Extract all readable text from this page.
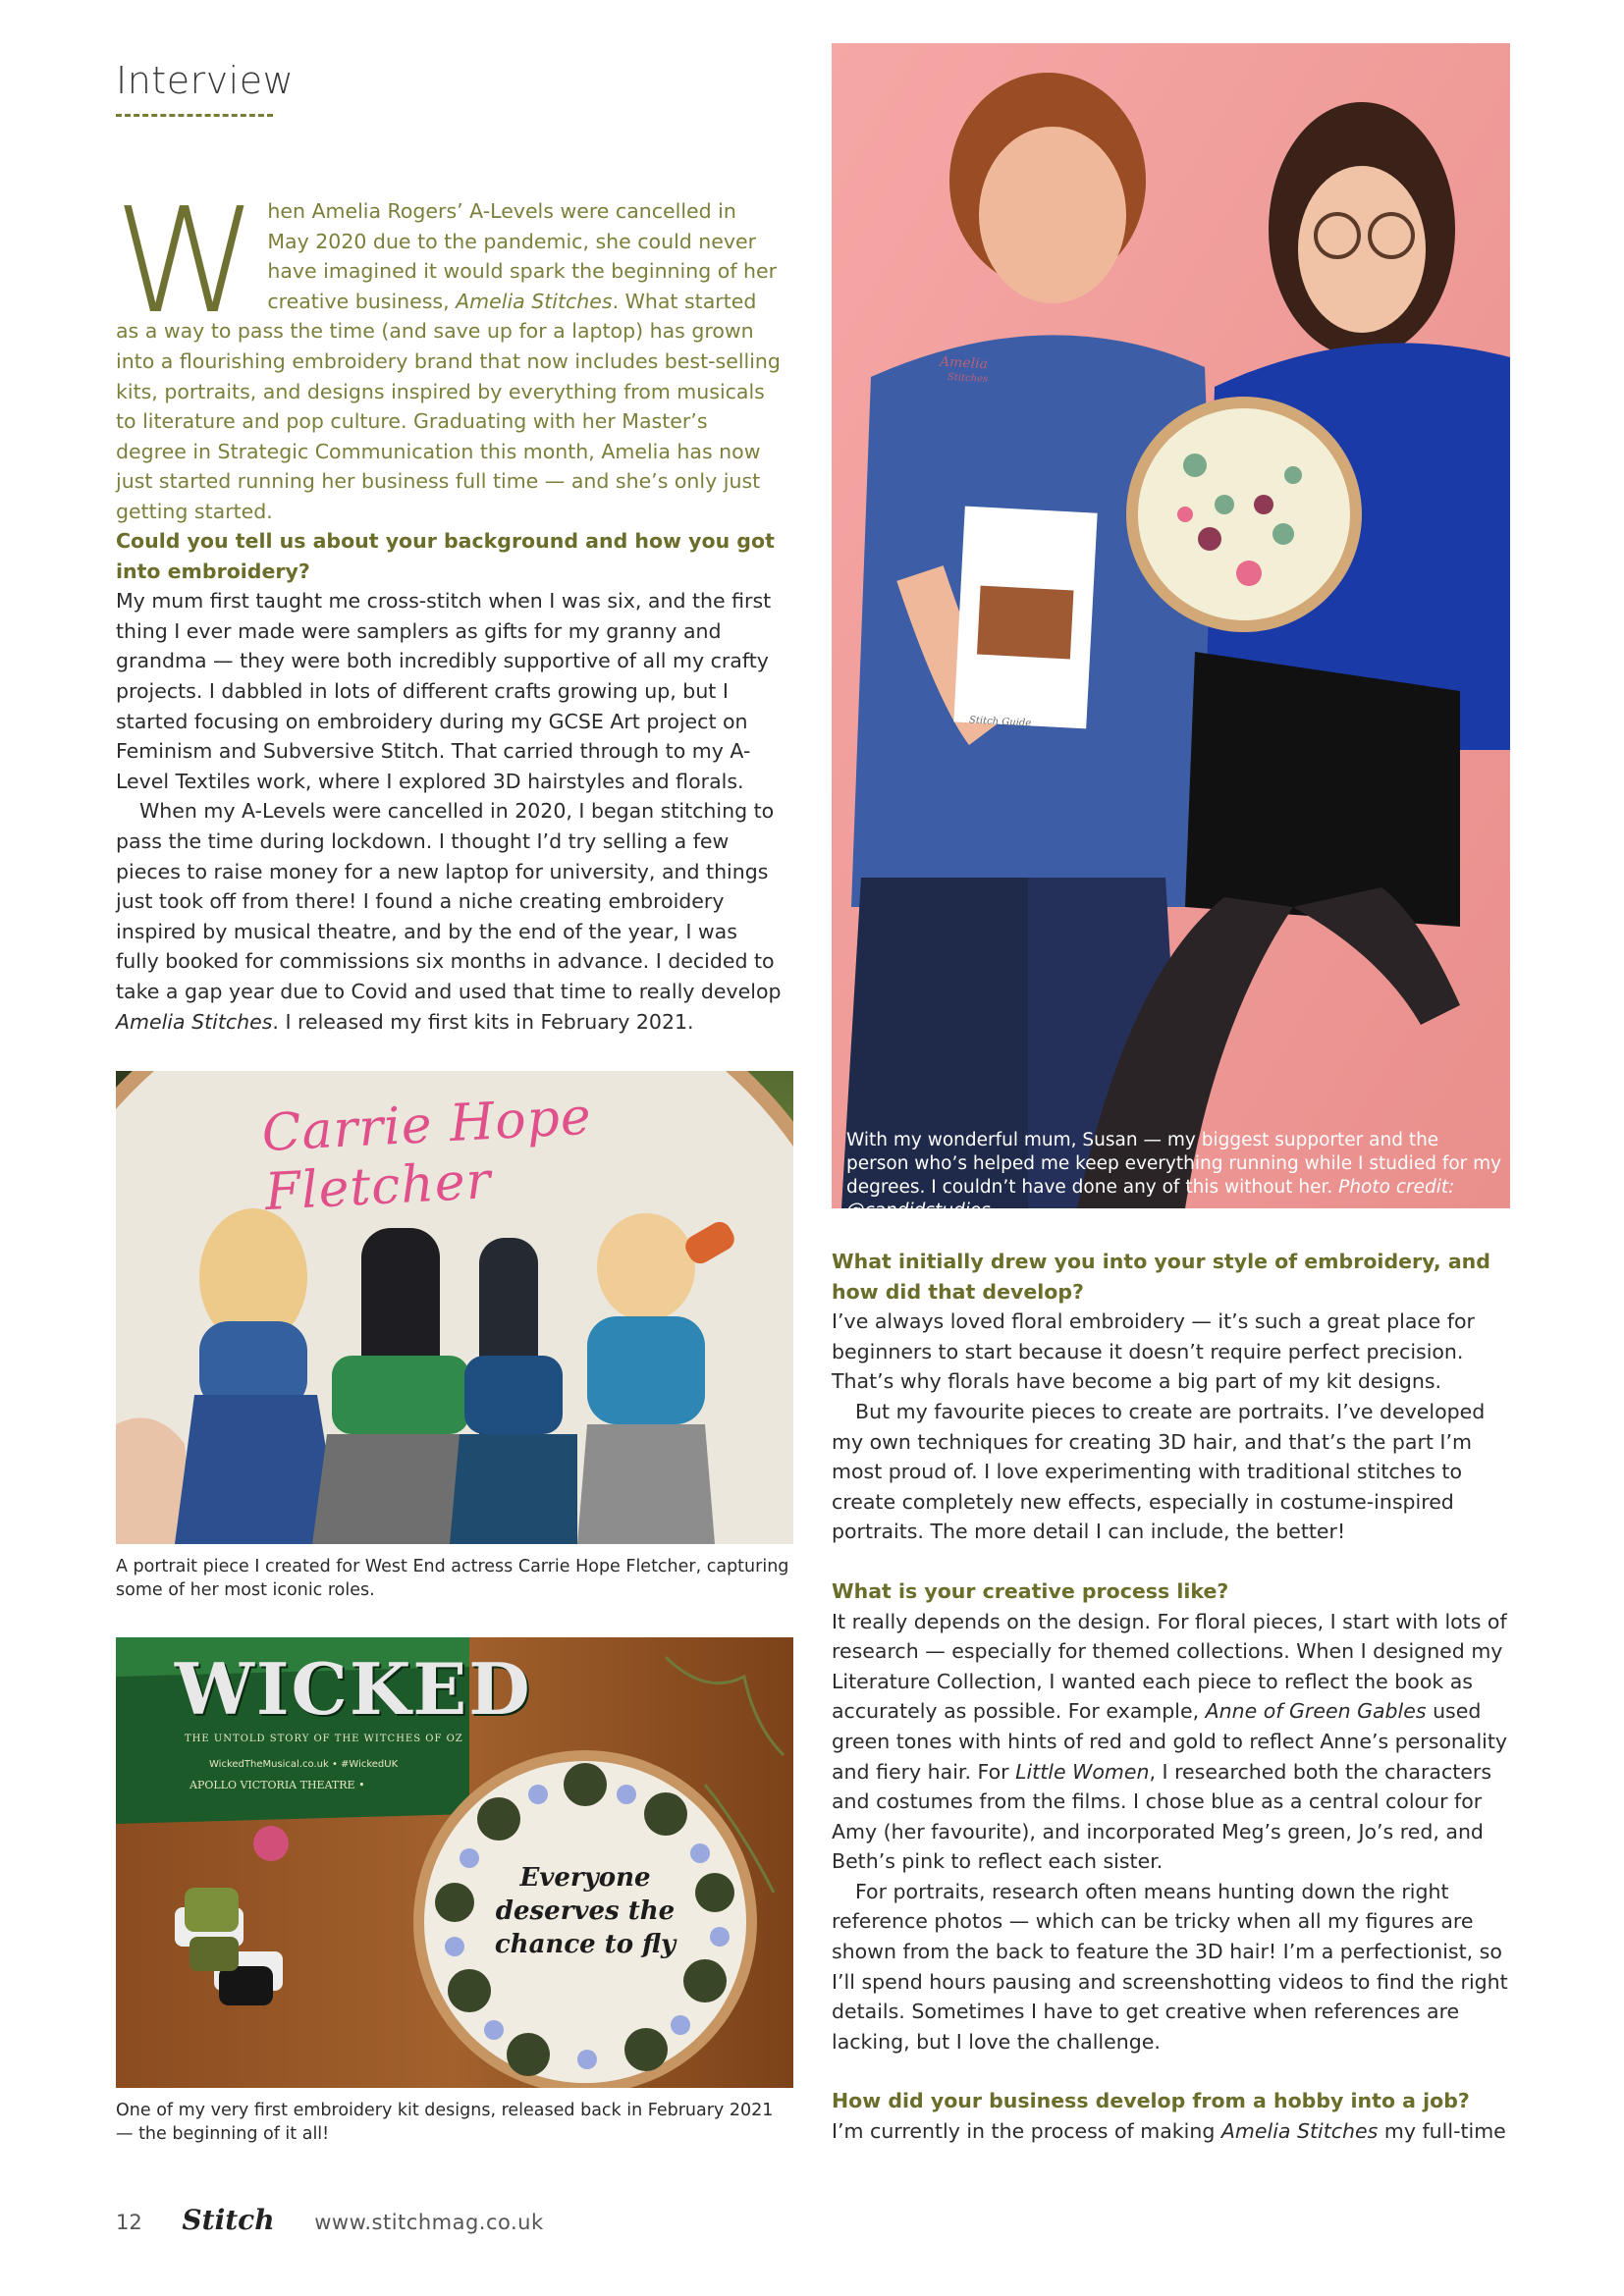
Interview
When Amelia Rogers’ A-Levels were cancelled in May 2020 due to the pandemic, she could never have imagined it would spark the beginning of her creative business, Amelia Stitches. What started as a way to pass the time (and save up for a laptop) has grown into a flourishing embroidery brand that now includes best-selling kits, portraits, and designs inspired by everything from musicals to literature and pop culture. Graduating with her Master’s degree in Strategic Communication this month, Amelia has now just started running her business full time — and she’s only just getting started.

Could you tell us about your background and how you got into embroidery?

My mum first taught me cross-stitch when I was six, and the first thing I ever made were samplers as gifts for my granny and grandma — they were both incredibly supportive of all my crafty projects. I dabbled in lots of different crafts growing up, but I started focusing on embroidery during my GCSE Art project on Feminism and Subversive Stitch. That carried through to my A-Level Textiles work, where I explored 3D hairstyles and florals.

When my A-Levels were cancelled in 2020, I began stitching to pass the time during lockdown. I thought I’d try selling a few pieces to raise money for a new laptop for university, and things just took off from there! I found a niche creating embroidery inspired by musical theatre, and by the end of the year, I was fully booked for commissions six months in advance. I decided to take a gap year due to Covid and used that time to really develop Amelia Stitches. I released my first kits in February 2021.

Carrie Hope Fletcher
A portrait piece I created for West End actress Carrie Hope Fletcher, capturing some of her most iconic roles.
WICKED
THE UNTOLD STORY OF THE WITCHES OF OZ
WickedTheMusical.co.uk • #WickedUK
APOLLO VICTORIA THEATRE •
Everyone
deserves the
chance to fly
One of my very first embroidery kit designs, released back in February 2021 — the beginning of it all!
Amelia
Stitches
Stitch Guide
With my wonderful mum, Susan — my biggest supporter and the person who’s helped me keep everything running while I studied for my degrees. I couldn’t have done any of this without her. Photo credit: @candidstudios

What initially drew you into your style of embroidery, and how did that develop?

I’ve always loved floral embroidery — it’s such a great place for beginners to start because it doesn’t require perfect precision. That’s why florals have become a big part of my kit designs.

But my favourite pieces to create are portraits. I’ve developed my own techniques for creating 3D hair, and that’s the part I’m most proud of. I love experimenting with traditional stitches to create completely new effects, especially in costume-inspired portraits. The more detail I can include, the better!

What is your creative process like?

It really depends on the design. For floral pieces, I start with lots of research — especially for themed collections. When I designed my Literature Collection, I wanted each piece to reflect the book as accurately as possible. For example, Anne of Green Gables used green tones with hints of red and gold to reflect Anne’s personality and fiery hair. For Little Women, I researched both the characters and costumes from the films. I chose blue as a central colour for Amy (her favourite), and incorporated Meg’s green, Jo’s red, and Beth’s pink to reflect each sister.

For portraits, research often means hunting down the right reference photos — which can be tricky when all my figures are shown from the back to feature the 3D hair! I’m a perfectionist, so I’ll spend hours pausing and screenshotting videos to find the right details. Sometimes I have to get creative when references are lacking, but I love the challenge.

How did your business develop from a hobby into a job?

I’m currently in the process of making Amelia Stitches my full-time

12 Stitch www.stitchmag.co.uk
